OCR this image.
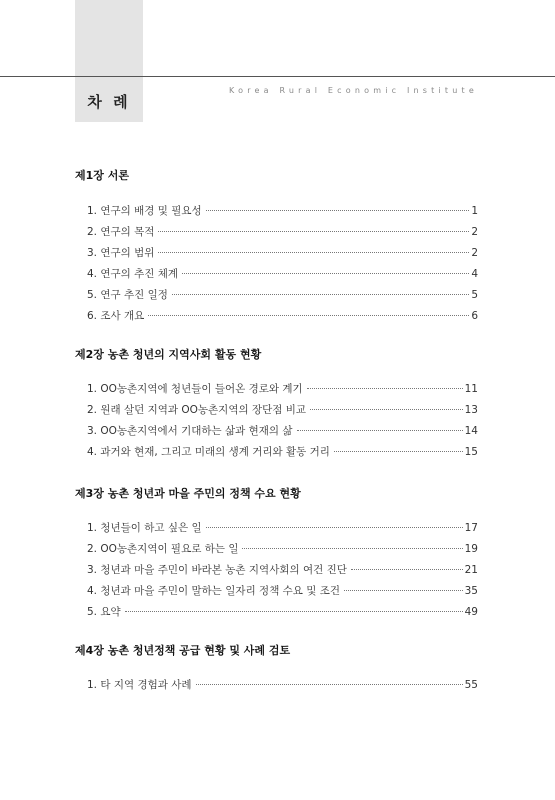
차 례
Korea Rural Economic Institute
제1장 서론
1. 연구의 배경 및 필요성	1
2. 연구의 목적	2
3. 연구의 범위	2
4. 연구의 추진 체계	4
5. 연구 추진 일정	5
6. 조사 개요	6
제2장 농촌 청년의 지역사회 활동 현황
1. OO농촌지역에 청년들이 들어온 경로와 계기	11
2. 원래 살던 지역과 OO농촌지역의 장단점 비교	13
3. OO농촌지역에서 기대하는 삶과 현재의 삶	14
4. 과거와 현재, 그리고 미래의 생계 거리와 활동 거리	15
제3장 농촌 청년과 마을 주민의 정책 수요 현황
1. 청년들이 하고 싶은 일	17
2. OO농촌지역이 필요로 하는 일	19
3. 청년과 마을 주민이 바라본 농촌 지역사회의 여건 진단	21
4. 청년과 마을 주민이 말하는 일자리 정책 수요 및 조건	35
5. 요약	49
제4장 농촌 청년정책 공급 현황 및 사례 검토
1. 타 지역 경험과 사례	55
